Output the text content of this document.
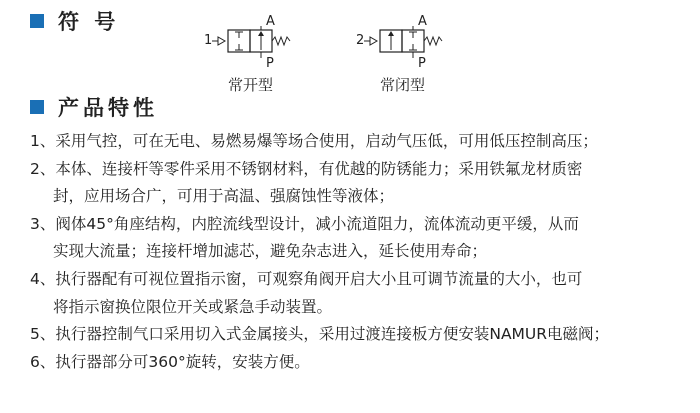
符 号	A
1
P
A
2
P
常开型	常闭型
产品特性
1、采用气控，可在无电、易燃易爆等场合使用，启动气压低，可用低压控制高压；
2、本体、连接杆等零件采用不锈钢材料，有优越的防锈能力；采用铁氟龙材质密
封，应用场合广，可用于高温、强腐蚀性等液体；
3、阀体45°角座结构，内腔流线型设计，减小流道阻力，流体流动更平缓，从而
实现大流量；连接杆增加滤芯，避免杂志进入，延长使用寿命；
4、执行器配有可视位置指示窗，可观察角阀开启大小且可调节流量的大小，也可
将指示窗换位限位开关或紧急手动装置。
5、执行器控制气口采用切入式金属接头，采用过渡连接板方便安装NAMUR电磁阀；
6、执行器部分可360°旋转，安装方便。
